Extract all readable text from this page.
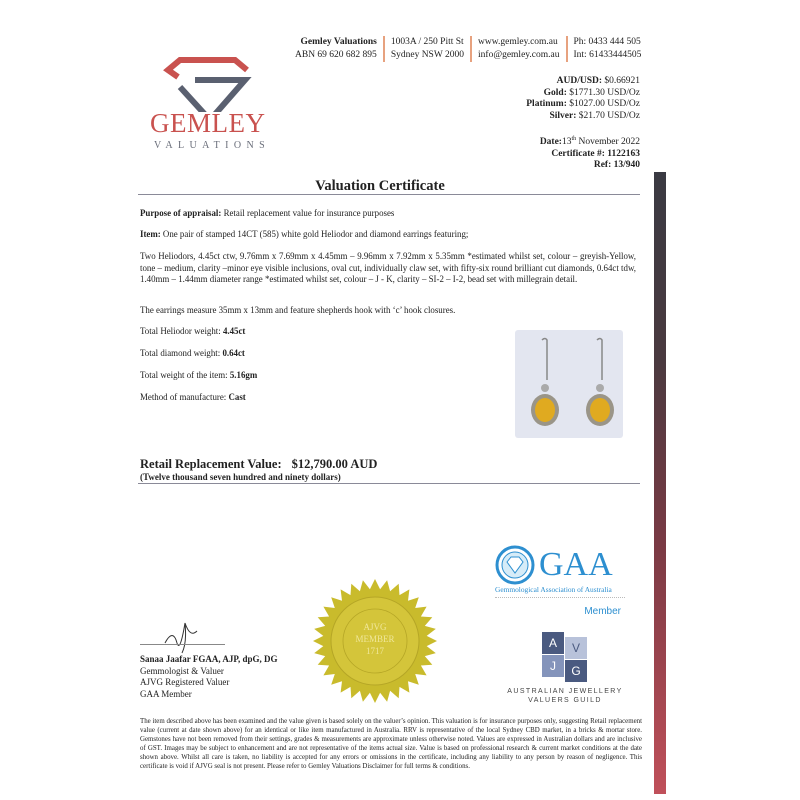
GEMLEY
VALUATIONS
Gemley Valuations
ABN 69 620 682 895
1003A / 250 Pitt St
Sydney NSW 2000
www.gemley.com.au
info@gemley.com.au
Ph: 0433 444 505
Int: 61433444505
AUD/USD: $0.66921
Gold: $1771.30 USD/Oz
Platinum: $1027.00 USD/Oz
Silver: $21.70 USD/Oz
Date:13th November 2022
Certificate #: 1122163
Ref: 13/940
Valuation Certificate
Purpose of appraisal: Retail replacement value for insurance purposes
Item: One pair of stamped 14CT (585) white gold Heliodor and diamond earrings featuring;
Two Heliodors, 4.45ct ctw, 9.76mm x 7.69mm x 4.45mm – 9.96mm x 7.92mm x 5.35mm *estimated whilst set, colour – greyish-Yellow, tone – medium, clarity –minor eye visible inclusions, oval cut, individually claw set, with fifty-six round brilliant cut diamonds, 0.64ct tdw, 1.40mm – 1.44mm diameter range *estimated whilst set, colour – J - K, clarity – SI-2 – I-2, bead set with millegrain detail.
The earrings measure 35mm x 13mm and feature shepherds hook with ‘c’ hook closures.
Total Heliodor weight: 4.45ct
Total diamond weight: 0.64ct
Total weight of the item: 5.16gm
Method of manufacture: Cast
Retail Replacement Value: $12,790.00 AUD
(Twelve thousand seven hundred and ninety dollars)
Sanaa Jaafar FGAA, AJP, dpG, DG
Gemmologist & Valuer
AJVG Registered Valuer
GAA Member
AJVG
MEMBER
1717
GAA
Gemmological Association of Australia
Member
A	V
J	G
AUSTRALIAN JEWELLERY
VALUERS GUILD
The item described above has been examined and the value given is based solely on the valuer’s opinion. This valuation is for insurance purposes only, suggesting Retail replacement value (current at date shown above) for an identical or like item manufactured in Australia. RRV is representative of the local Sydney CBD market, in a bricks & mortar store. Gemstones have not been removed from their settings, grades & measurements are approximate unless otherwise noted. Values are expressed in Australian dollars and are inclusive of GST. Images may be subject to enhancement and are not representative of the items actual size. Value is based on professional research & current market conditions at the date shown above. Whilst all care is taken, no liability is accepted for any errors or omissions in the certificate, including any liability to any person by reason of negligence. This certificate is void if AJVG seal is not present. Please refer to Gemley Valuations Disclaimer for full terms & conditions.
